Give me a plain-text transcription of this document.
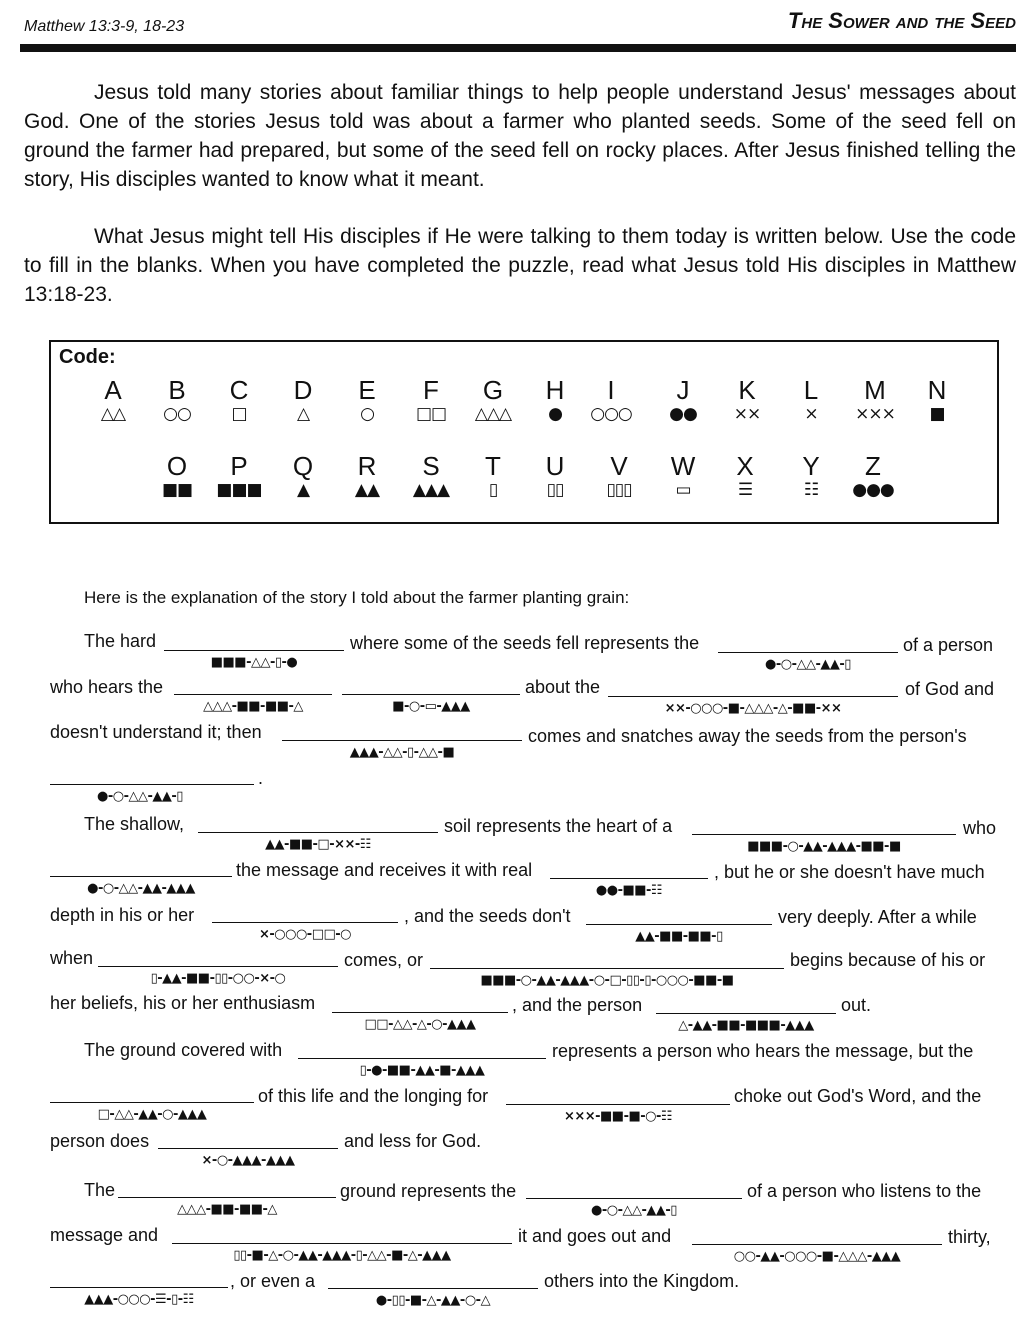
Matthew 13:3-9, 18-23	The Sower and the Seed

Jesus told many stories about familiar things to help people understand Jesus' messages about God. One of the stories Jesus told was about a farmer who planted seeds. Some of the seed fell on ground the farmer had prepared, but some of the seed fell on rocky places. After Jesus finished telling the story, His disciples wanted to know what it meant.

What Jesus might tell His disciples if He were talking to them today is written below. Use the code to fill in the blanks. When you have completed the puzzle, read what Jesus told His disciples in Matthew 13:18-23.

Code:
A
△△
B
○○
C
□
D
△
E
○
F
□□
G
△△△
H
●
I
○○○
J
●●
K
××
L
×
M
×××
N
■
O
■■
P
■■■
Q
▲
R
▲▲
S
▲▲▲
T
▯
U
▯▯
V
▯▯▯
W
▭
X
☰
Y
☷
Z
●●●
Here is the explanation of the story I told about the farmer planting grain:
The hard
■■■-△△-▯-●
where some of the seeds fell represents the
●-○-△△-▲▲-▯
of a person
who hears the
△△△-■■-■■-△	■-○-▭-▲▲▲
about the
××-○○○-■-△△△-△-■■-××
of God and
doesn't understand it; then
▲▲▲-△△-▯-△△-■
comes and snatches away the seeds from the person's
●-○-△△-▲▲-▯
.
The shallow,
▲▲-■■-□-××-☷
soil represents the heart of a
■■■-○-▲▲-▲▲▲-■■-■
who
●-○-△△-▲▲-▲▲▲
the message and receives it with real
●●-■■-☷
, but he or she doesn't have much
depth in his or her
×-○○○-□□-○
, and the seeds don't
▲▲-■■-■■-▯
very deeply. After a while
when
▯-▲▲-■■-▯▯-○○-×-○
comes, or
■■■-○-▲▲-▲▲▲-○-□-▯▯-▯-○○○-■■-■
begins because of his or
her beliefs, his or her enthusiasm
□□-△△-△-○-▲▲▲
, and the person
△-▲▲-■■-■■■-▲▲▲
out.
The ground covered with
▯-●-■■-▲▲-■-▲▲▲
represents a person who hears the message, but the
□-△△-▲▲-○-▲▲▲
of this life and the longing for
×××-■■-■-○-☷
choke out God's Word, and the
person does
×-○-▲▲▲-▲▲▲
and less for God.
The
△△△-■■-■■-△
ground represents the
●-○-△△-▲▲-▯
of a person who listens to the
message and
▯▯-■-△-○-▲▲-▲▲▲-▯-△△-■-△-▲▲▲
it and goes out and
○○-▲▲-○○○-■-△△△-▲▲▲
thirty,
▲▲▲-○○○-☰-▯-☷
, or even a
●-▯▯-■-△-▲▲-○-△
others into the Kingdom.
